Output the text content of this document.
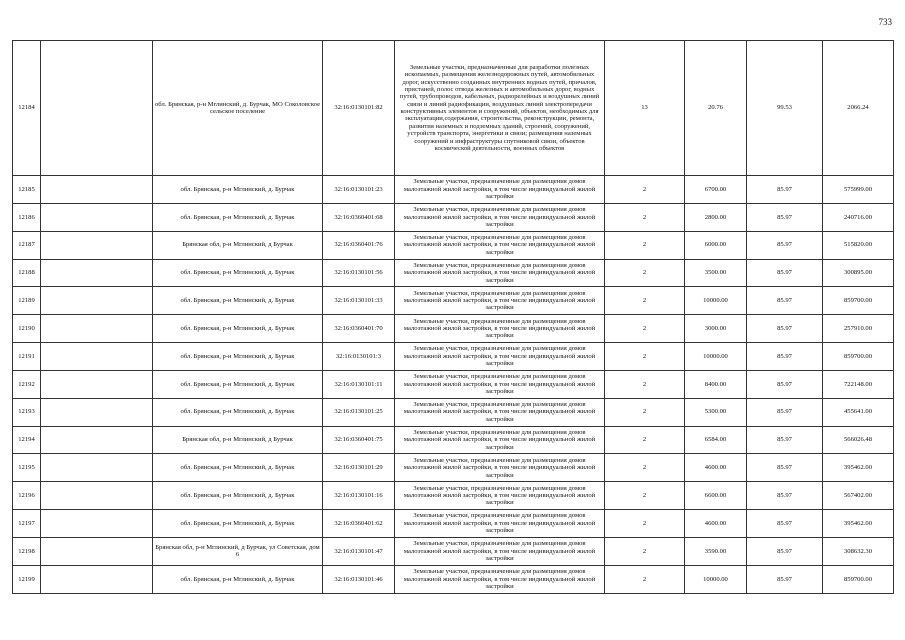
733
12184		обл. Брянская, р-н Мглинский, д. Бурчак, МО Соколовское сельское поселение	32:16:0130101:82	Земельные участки, предназначенные для разработки полезных ископаемых, размещения железнодорожных путей, автомобильных дорог, искусственно созданных внутренних водных путей, причалов, пристаней, полос отвода железных и автомобильных дорог, водных путей, трубопроводов, кабельных, радиорелейных и воздушных линий связи и линий радиофикации, воздушных линий электропередачи конструктивных элементов и сооружений, объектов, необходимых для эксплуатации,содержания, строительства, реконструкции, ремонта, развития наземных и подземных зданий, строений, сооружений, устройств транспорта, энергетики и связи; размещения наземных сооружений и инфраструктуры спутниковой связи, объектов космической деятельности, военных объектов	13	20.76	99.53	2066.24
12185		обл. Брянская, р-н Мглинский, д. Бурчак	32:16:0130101:23	Земельные участки, предназначенные для размещения домов малоэтажной жилой застройки, в том числе индивидуальной жилой застройки	2	6700.00	85.97	575999.00
12186		обл. Брянская, р-н Мглинский, д. Бурчак	32:16:0360401:68	Земельные участки, предназначенные для размещения домов малоэтажной жилой застройки, в том числе индивидуальной жилой застройки	2	2800.00	85.97	240716.00
12187		Брянская обл, р-н Мглинский, д Бурчак	32:16:0360401:76	Земельные участки, предназначенные для размещения домов малоэтажной жилой застройки, в том числе индивидуальной жилой застройки	2	6000.00	85.97	515820.00
12188		обл. Брянская, р-н Мглинский, д. Бурчак	32:16:0130101:56	Земельные участки, предназначенные для размещения домов малоэтажной жилой застройки, в том числе индивидуальной жилой застройки	2	3500.00	85.97	300895.00
12189		обл. Брянская, р-н Мглинский, д. Бурчак	32:16:0130101:33	Земельные участки, предназначенные для размещения домов малоэтажной жилой застройки, в том числе индивидуальной жилой застройки	2	10000.00	85.97	859700.00
12190		обл. Брянская, р-н Мглинский, д. Бурчак	32:16:0360401:70	Земельные участки, предназначенные для размещения домов малоэтажной жилой застройки, в том числе индивидуальной жилой застройки	2	3000.00	85.97	257910.00
12191		обл. Брянская, р-н Мглинский, д. Бурчак	32:16:0130101:3	Земельные участки, предназначенные для размещения домов малоэтажной жилой застройки, в том числе индивидуальной жилой застройки	2	10000.00	85.97	859700.00
12192		обл. Брянская, р-н Мглинский, д. Бурчак	32:16:0130101:11	Земельные участки, предназначенные для размещения домов малоэтажной жилой застройки, в том числе индивидуальной жилой застройки	2	8400.00	85.97	722148.00
12193		обл. Брянская, р-н Мглинский, д. Бурчак	32:16:0130101:25	Земельные участки, предназначенные для размещения домов малоэтажной жилой застройки, в том числе индивидуальной жилой застройки	2	5300.00	85.97	455641.00
12194		Брянская обл, р-н Мглинский, д Бурчак	32:16:0360401:75	Земельные участки, предназначенные для размещения домов малоэтажной жилой застройки, в том числе индивидуальной жилой застройки	2	6584.00	85.97	566026.48
12195		обл. Брянская, р-н Мглинский, д. Бурчак	32:16:0130101:29	Земельные участки, предназначенные для размещения домов малоэтажной жилой застройки, в том числе индивидуальной жилой застройки	2	4600.00	85.97	395462.00
12196		обл. Брянская, р-н Мглинский, д. Бурчак	32:16:0130101:16	Земельные участки, предназначенные для размещения домов малоэтажной жилой застройки, в том числе индивидуальной жилой застройки	2	6600.00	85.97	567402.00
12197		обл. Брянская, р-н Мглинский, д. Бурчак	32:16:0360401:62	Земельные участки, предназначенные для размещения домов малоэтажной жилой застройки, в том числе индивидуальной жилой застройки	2	4600.00	85.97	395462.00
12198		Брянская обл, р-н Мглинский, д Бурчак, ул Советская, дом 6	32:16:0130101:47	Земельные участки, предназначенные для размещения домов малоэтажной жилой застройки, в том числе индивидуальной жилой застройки	2	3590.00	85.97	308632.30
12199		обл. Брянская, р-н Мглинский, д. Бурчак	32:16:0130101:46	Земельные участки, предназначенные для размещения домов малоэтажной жилой застройки, в том числе индивидуальной жилой застройки	2	10000.00	85.97	859700.00
